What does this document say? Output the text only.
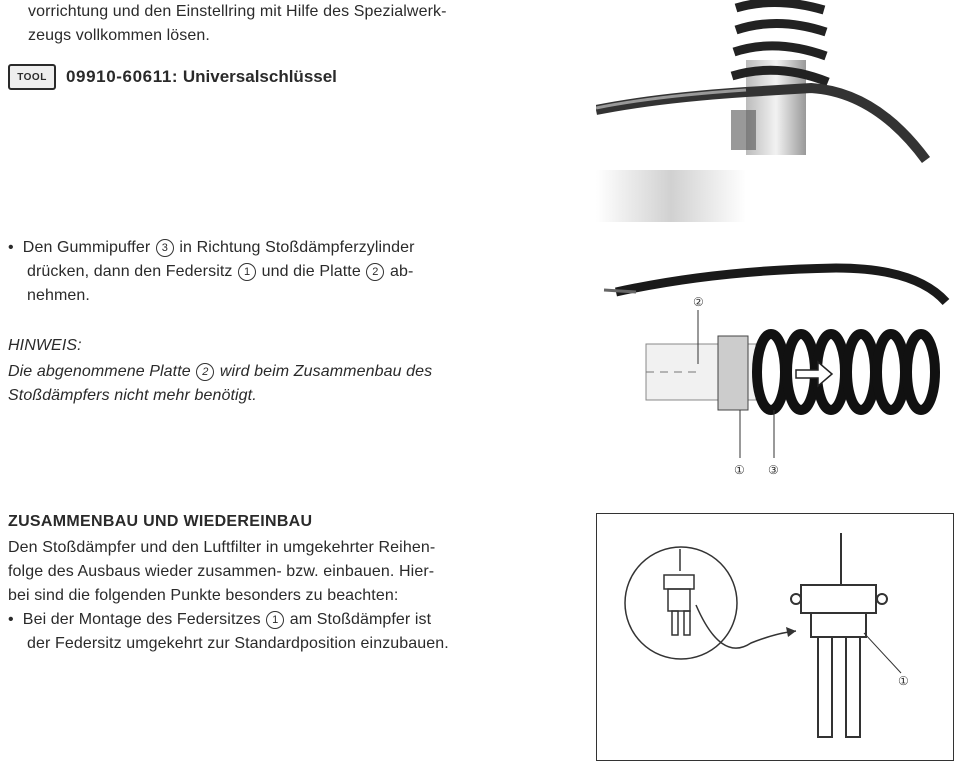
vorrichtung und den Einstellring mit Hilfe des Spezialwerk-
zeugs vollkommen lösen.
TOOL	09910-60611: Universalschlüssel
• Den Gummipuffer 3 in Richtung Stoßdämpferzylinder
drücken, dann den Federsitz 1 und die Platte 2 ab-
nehmen.
HINWEIS:
Die abgenommene Platte 2 wird beim Zusammenbau des
Stoßdämpfers nicht mehr benötigt.
ZUSAMMENBAU UND WIEDEREINBAU
Den Stoßdämpfer und den Luftfilter in umgekehrter Reihen-
folge des Ausbaus wieder zusammen- bzw. einbauen. Hier-
bei sind die folgenden Punkte besonders zu beachten:
• Bei der Montage des Federsitzes 1 am Stoßdämpfer ist
der Federsitz umgekehrt zur Standardposition einzubauen.
②
① ③
①
